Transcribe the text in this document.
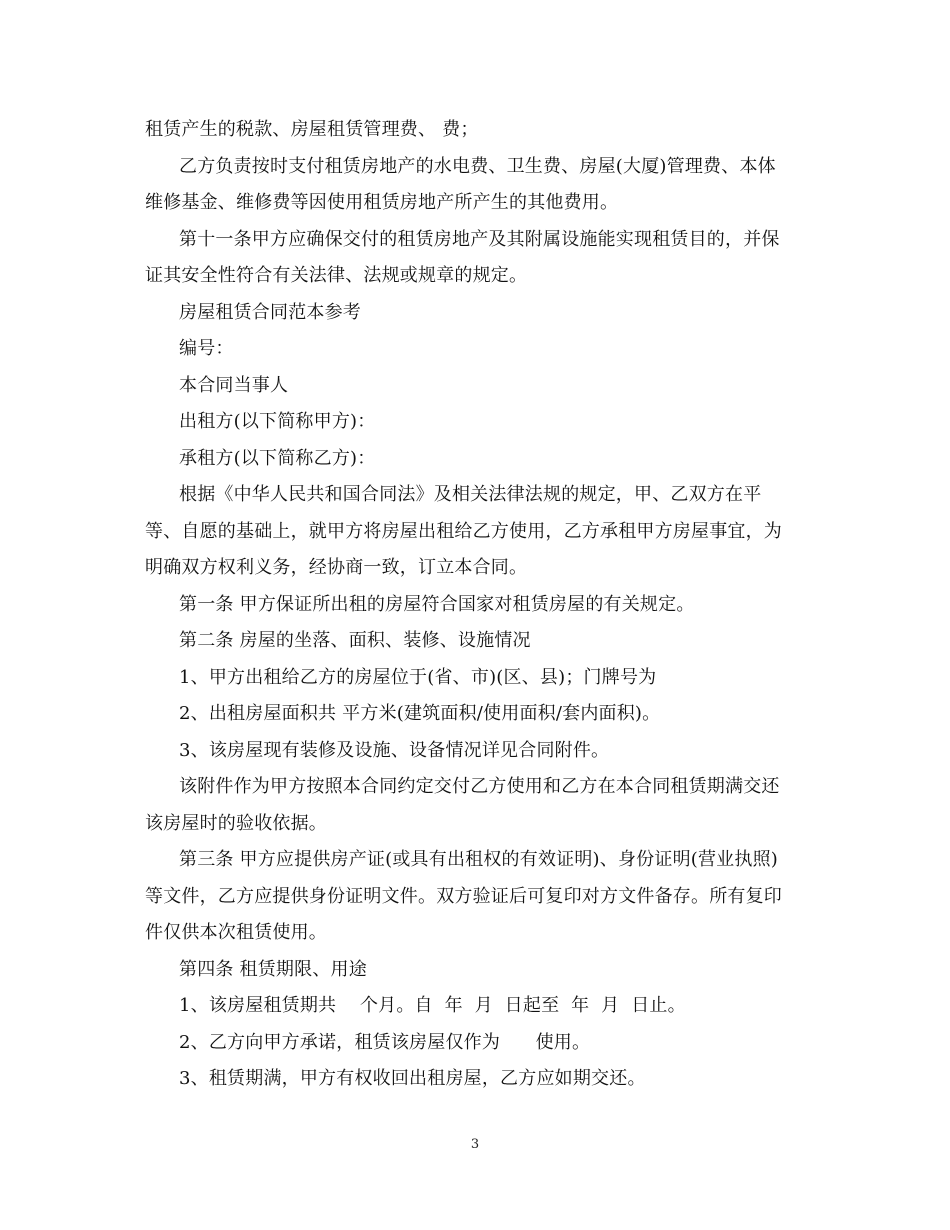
租赁产生的税款、房屋租赁管理费、 费；
乙方负责按时支付租赁房地产的水电费、卫生费、房屋(大厦)管理费、本体
维修基金、维修费等因使用租赁房地产所产生的其他费用。
第十一条甲方应确保交付的租赁房地产及其附属设施能实现租赁目的，并保
证其安全性符合有关法律、法规或规章的规定。
房屋租赁合同范本参考
编号：
本合同当事人
出租方(以下简称甲方)：
承租方(以下简称乙方)：
根据《中华人民共和国合同法》及相关法律法规的规定，甲、乙双方在平
等、自愿的基础上，就甲方将房屋出租给乙方使用，乙方承租甲方房屋事宜，为
明确双方权利义务，经协商一致，订立本合同。
第一条 甲方保证所出租的房屋符合国家对租赁房屋的有关规定。
第二条 房屋的坐落、面积、装修、设施情况
1、甲方出租给乙方的房屋位于(省、市)(区、县)；门牌号为
2、出租房屋面积共 平方米(建筑面积/使用面积/套内面积)。
3、该房屋现有装修及设施、设备情况详见合同附件。
该附件作为甲方按照本合同约定交付乙方使用和乙方在本合同租赁期满交还
该房屋时的验收依据。
第三条 甲方应提供房产证(或具有出租权的有效证明)、身份证明(营业执照)
等文件，乙方应提供身份证明文件。双方验证后可复印对方文件备存。所有复印
件仅供本次租赁使用。
第四条 租赁期限、用途
1、该房屋租赁期共    个月。自  年  月  日起至  年  月  日止。
2、乙方向甲方承诺，租赁该房屋仅作为      使用。
3、租赁期满，甲方有权收回出租房屋，乙方应如期交还。
3
